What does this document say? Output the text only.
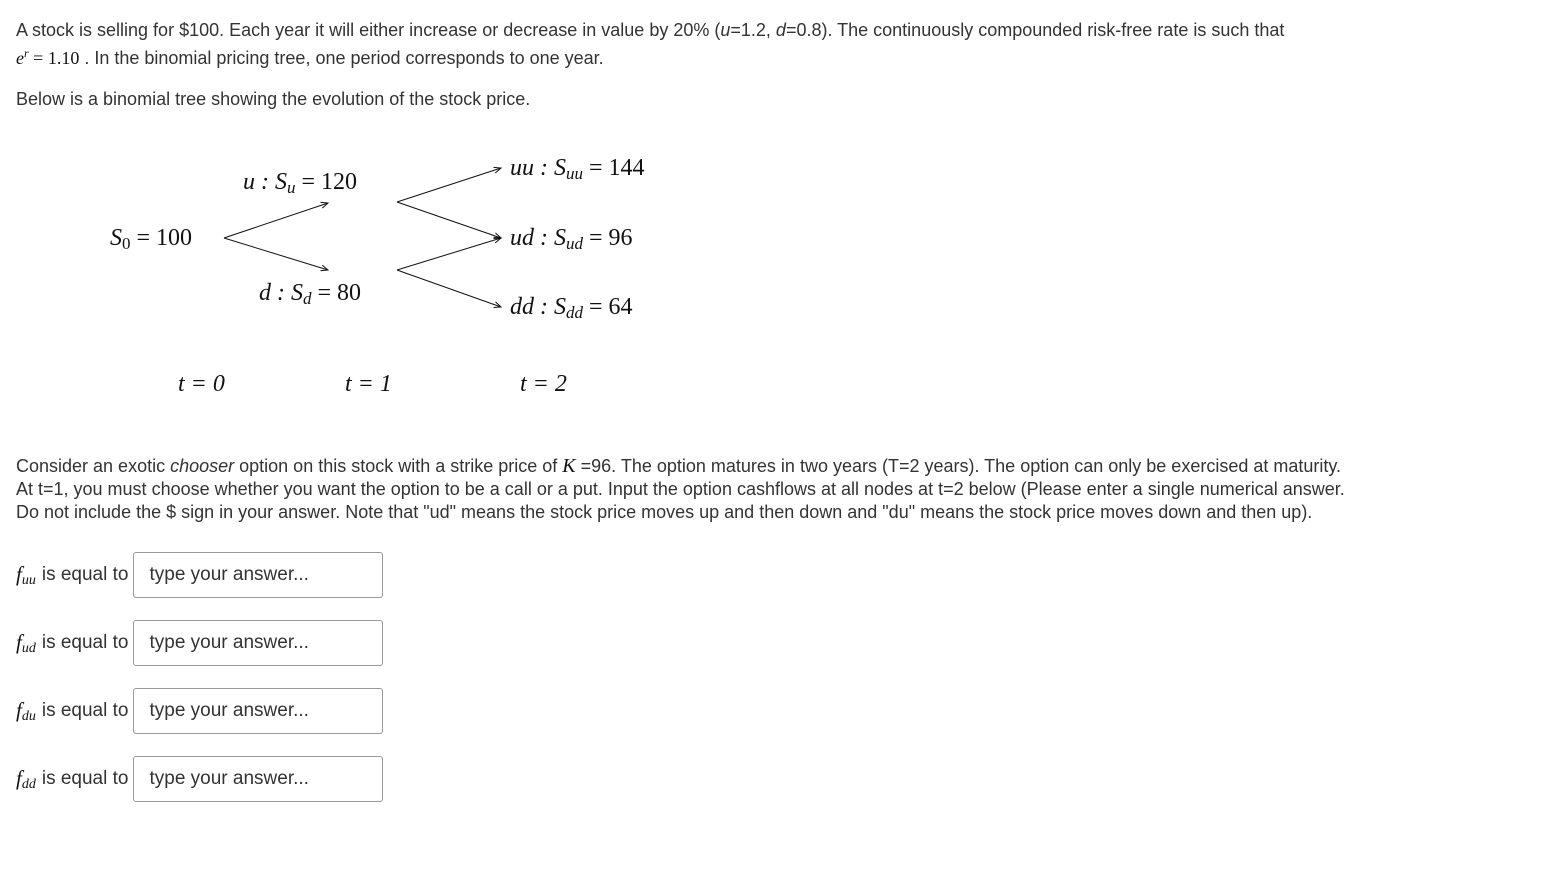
A stock is selling for $100. Each year it will either increase or decrease in value by 20% (u=1.2, d=0.8). The continuously compounded risk-free rate is such that
$e^r = 1.10$ . In the binomial pricing tree, one period corresponds to one year.
Below is a binomial tree showing the evolution of the stock price.
S0 = 100
u : Su = 120
d : Sd = 80
uu : Suu = 144
ud : Sud = 96
dd : Sdd = 64
t = 0	t = 1	t = 2
Consider an exotic chooser option on this stock with a strike price of K =96. The option matures in two years (T=2 years). The option can only be exercised at maturity.
At t=1, you must choose whether you want the option to be a call or a put. Input the option cashflows at all nodes at t=2 below (Please enter a single numerical answer.
Do not include the $ sign in your answer. Note that "ud" means the stock price moves up and then down and "du" means the stock price moves down and then up).
$f_{uu}$ is equal to
type your answer...
$f_{ud}$ is equal to
type your answer...
$f_{du}$ is equal to
type your answer...
$f_{dd}$ is equal to
type your answer...
